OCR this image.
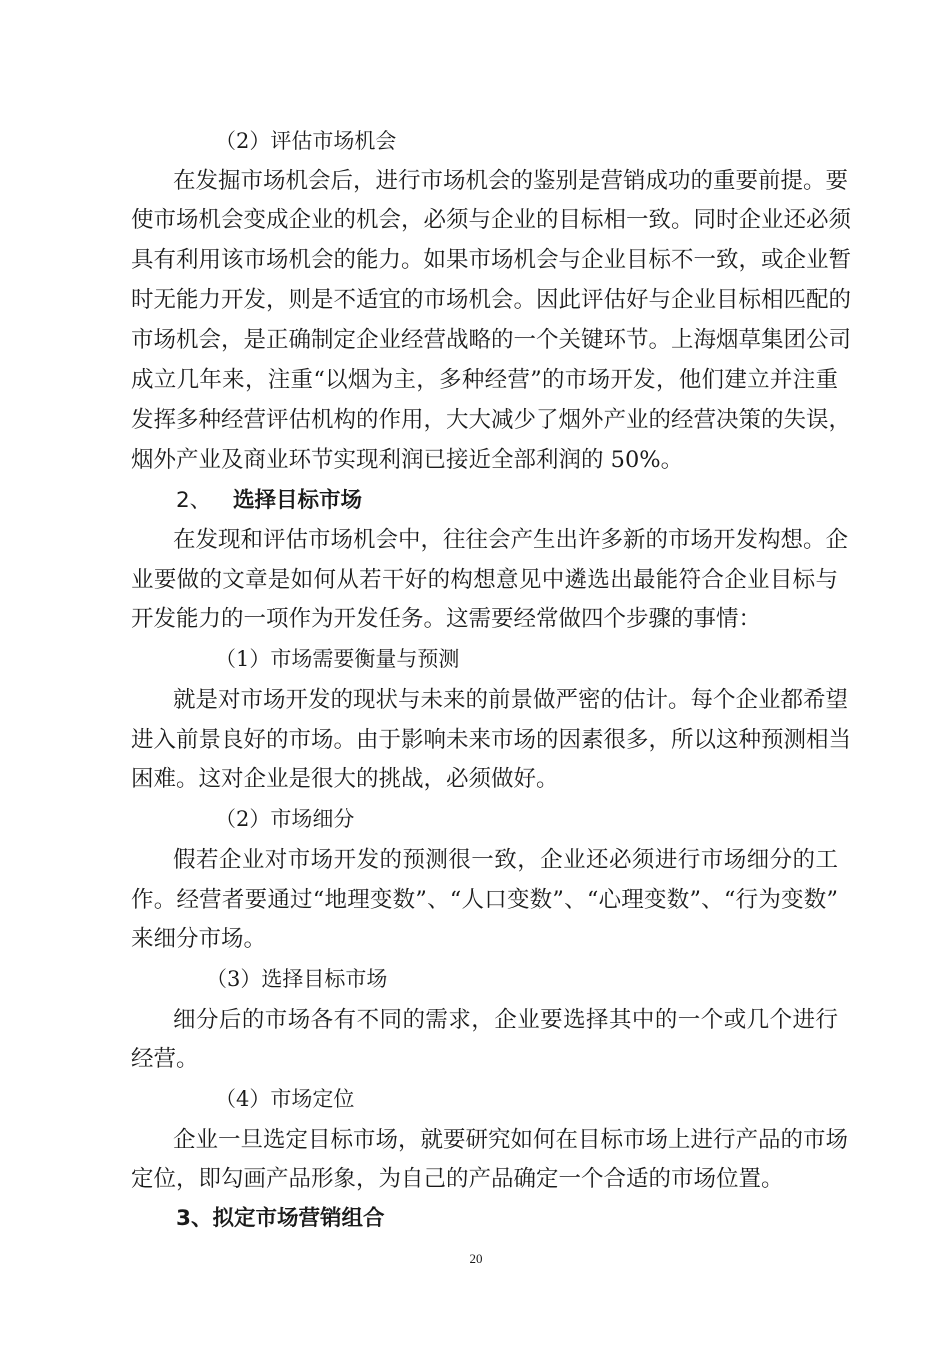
（2）评估市场机会
在发掘市场机会后，进行市场机会的鉴别是营销成功的重要前提。要
使市场机会变成企业的机会，必须与企业的目标相一致。同时企业还必须
具有利用该市场机会的能力。如果市场机会与企业目标不一致，或企业暂
时无能力开发，则是不适宜的市场机会。因此评估好与企业目标相匹配的
市场机会，是正确制定企业经营战略的一个关键环节。上海烟草集团公司
成立几年来，注重“以烟为主，多种经营”的市场开发，他们建立并注重
发挥多种经营评估机构的作用，大大减少了烟外产业的经营决策的失误，
烟外产业及商业环节实现利润已接近全部利润的 50%。
2、 选择目标市场
在发现和评估市场机会中，往往会产生出许多新的市场开发构想。企
业要做的文章是如何从若干好的构想意见中遴选出最能符合企业目标与
开发能力的一项作为开发任务。这需要经常做四个步骤的事情：
（1）市场需要衡量与预测
就是对市场开发的现状与未来的前景做严密的估计。每个企业都希望
进入前景良好的市场。由于影响未来市场的因素很多，所以这种预测相当
困难。这对企业是很大的挑战，必须做好。
（2）市场细分
假若企业对市场开发的预测很一致，企业还必须进行市场细分的工
作。经营者要通过“地理变数”、“人口变数”、“心理变数”、“行为变数”
来细分市场。
（3）选择目标市场
细分后的市场各有不同的需求，企业要选择其中的一个或几个进行
经营。
（4）市场定位
企业一旦选定目标市场，就要研究如何在目标市场上进行产品的市场
定位，即勾画产品形象，为自己的产品确定一个合适的市场位置。
3、拟定市场营销组合
20
